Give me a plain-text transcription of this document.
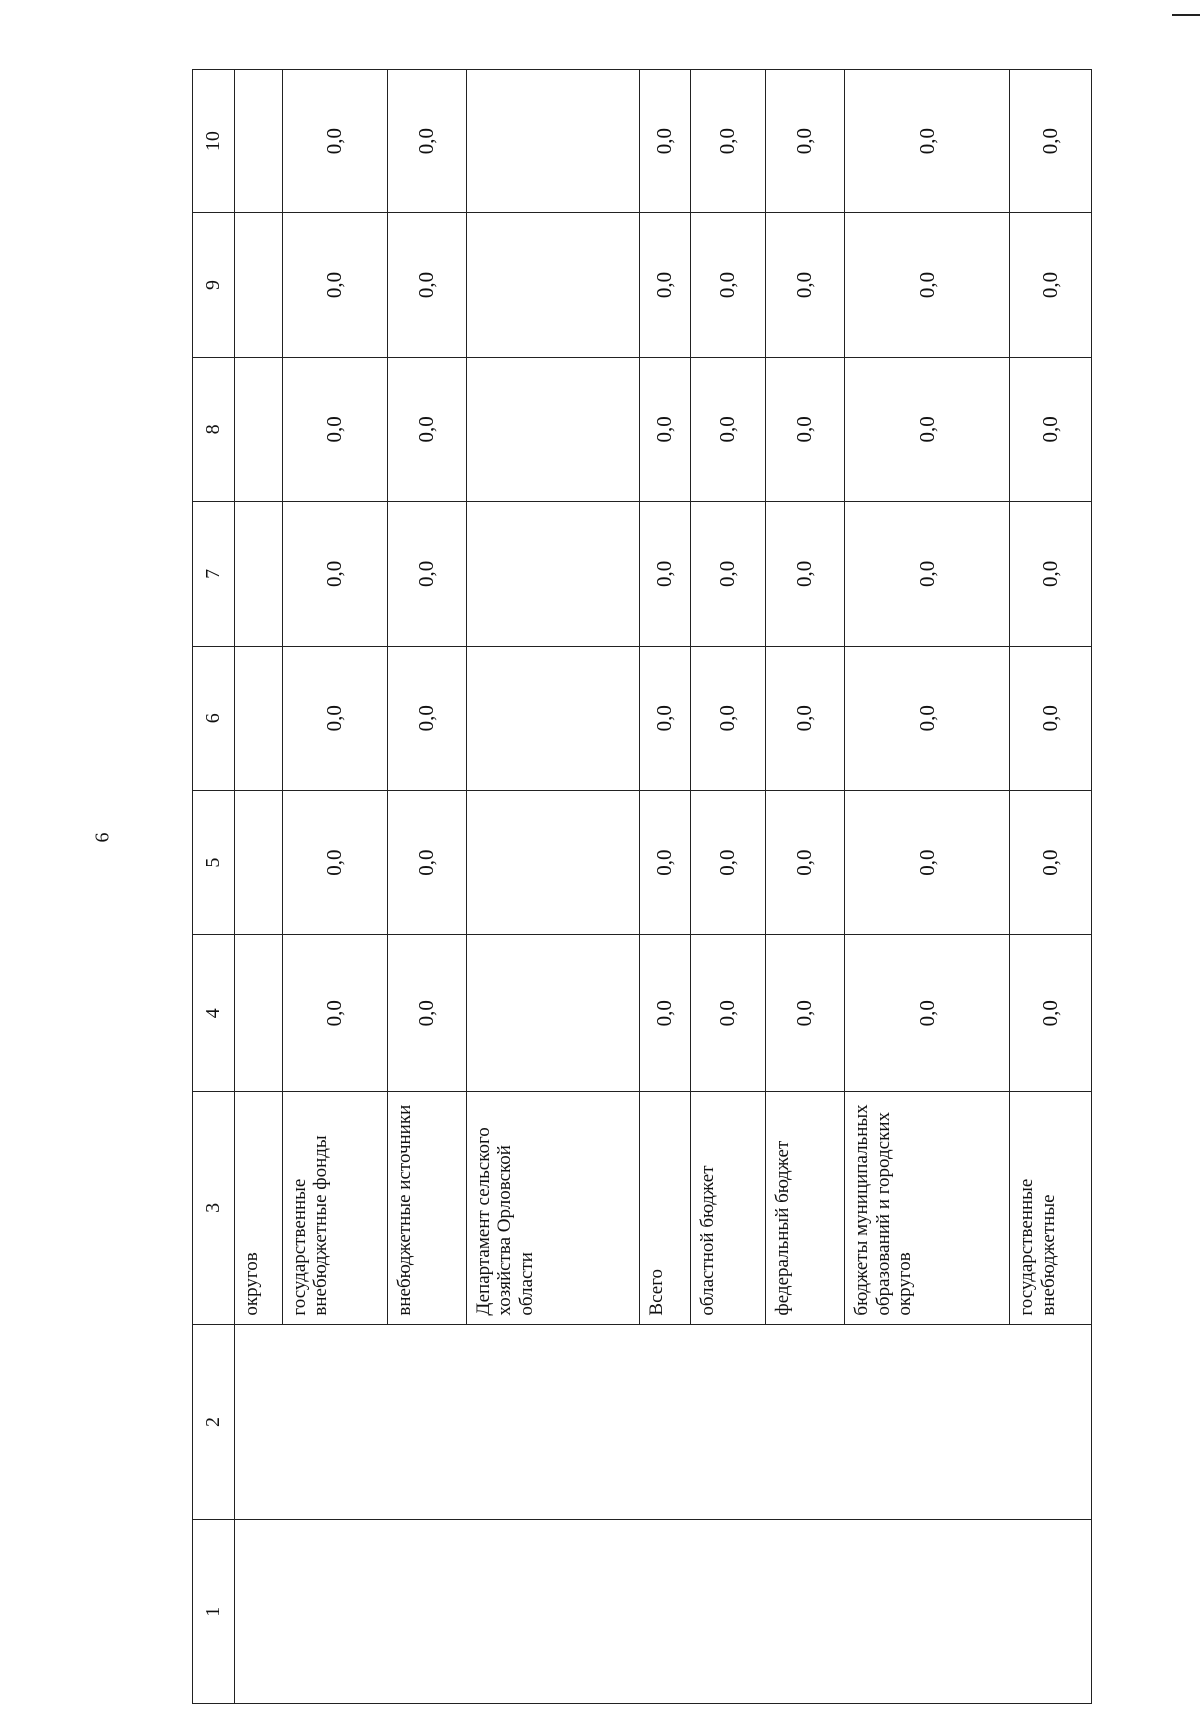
6
1	2	3	4	5	6	7	8	9	10
		округов							
		государственные внебюджетные фонды	0,0	0,0	0,0	0,0	0,0	0,0	0,0
		внебюджетные источники	0,0	0,0	0,0	0,0	0,0	0,0	0,0
		Департамент сельского хозяйства Орловской области							
		Всего	0,0	0,0	0,0	0,0	0,0	0,0	0,0
		областной бюджет	0,0	0,0	0,0	0,0	0,0	0,0	0,0
		федеральный бюджет	0,0	0,0	0,0	0,0	0,0	0,0	0,0
		бюджеты муниципальных образований и городских округов	0,0	0,0	0,0	0,0	0,0	0,0	0,0
		государственные внебюджетные	0,0	0,0	0,0	0,0	0,0	0,0	0,0
